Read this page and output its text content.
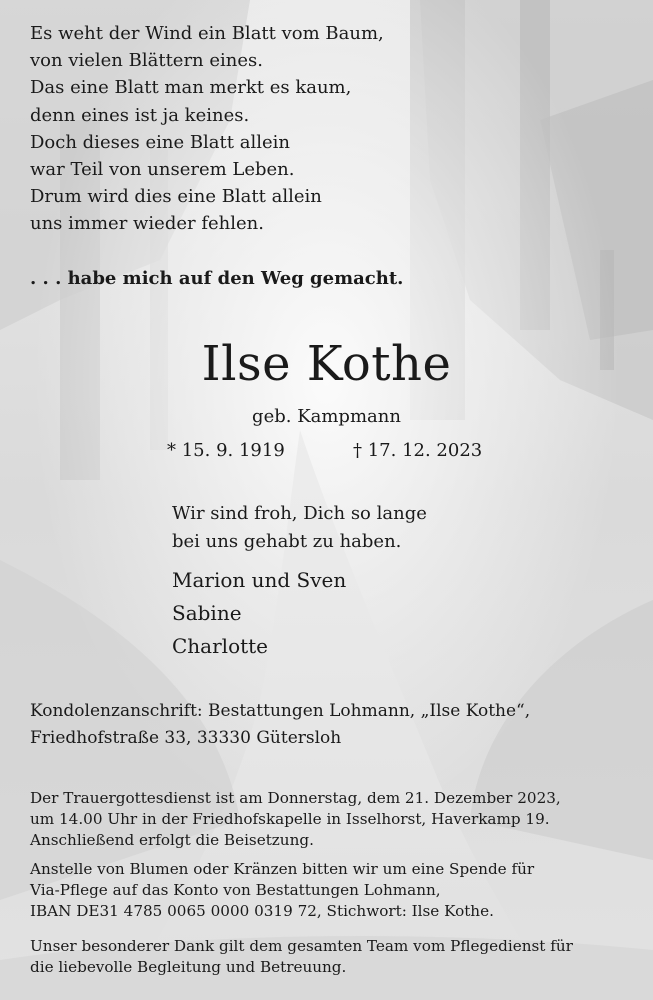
Es weht der Wind ein Blatt vom Baum,
von vielen Blättern eines.
Das eine Blatt man merkt es kaum,
denn eines ist ja keines.
Doch dieses eine Blatt allein
war Teil von unserem Leben.
Drum wird dies eine Blatt allein
uns immer wieder fehlen.
. . . habe mich auf den Weg gemacht.
Ilse Kothe
geb. Kampmann
* 15. 9. 1919	† 17. 12. 2023
Wir sind froh, Dich so lange
bei uns gehabt zu haben.
Marion und Sven
Sabine
Charlotte
Kondolenzanschrift: Bestattungen Lohmann, „Ilse Kothe“,
Friedhofstraße 33, 33330 Gütersloh
Der Trauergottesdienst ist am Donnerstag, dem 21. Dezember 2023,
um 14.00 Uhr in der Friedhofskapelle in Isselhorst, Haverkamp 19.
Anschließend erfolgt die Beisetzung.
Anstelle von Blumen oder Kränzen bitten wir um eine Spende für
Via-Pflege auf das Konto von Bestattungen Lohmann,
IBAN DE31 4785 0065 0000 0319 72, Stichwort: Ilse Kothe.
Unser besonderer Dank gilt dem gesamten Team vom Pflegedienst für
die liebevolle Begleitung und Betreuung.
